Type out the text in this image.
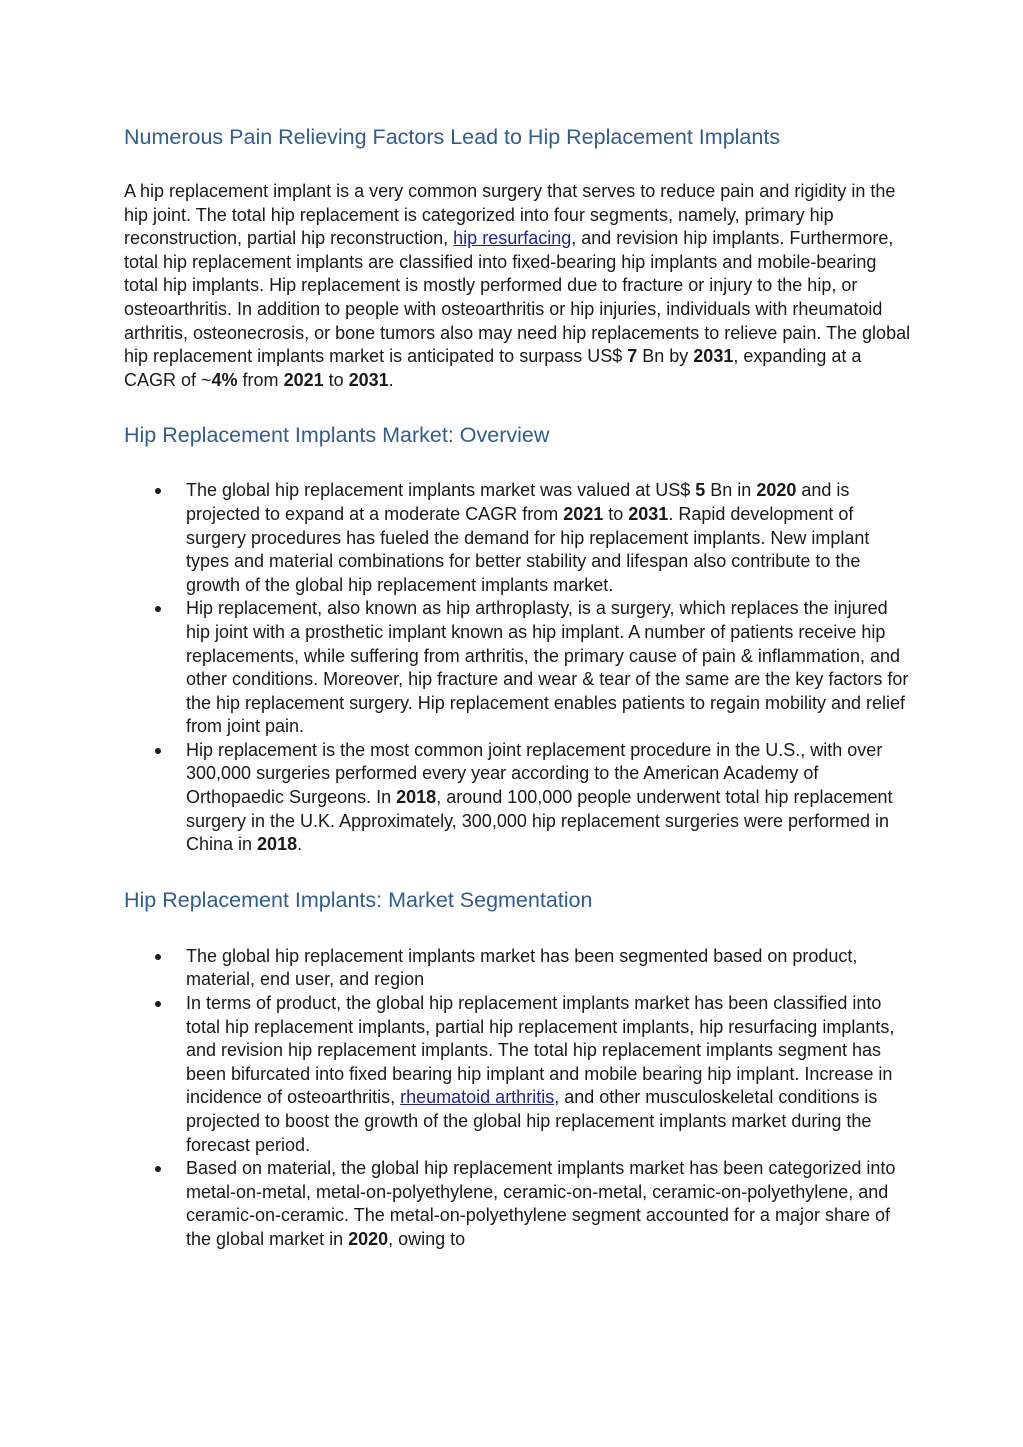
Numerous Pain Relieving Factors Lead to Hip Replacement Implants

A hip replacement implant is a very common surgery that serves to reduce pain and rigidity in the hip joint. The total hip replacement is categorized into four segments, namely, primary hip reconstruction, partial hip reconstruction, hip resurfacing, and revision hip implants. Furthermore, total hip replacement implants are classified into fixed-bearing hip implants and mobile-bearing total hip implants. Hip replacement is mostly performed due to fracture or injury to the hip, or osteoarthritis. In addition to people with osteoarthritis or hip injuries, individuals with rheumatoid arthritis, osteonecrosis, or bone tumors also may need hip replacements to relieve pain. The global hip replacement implants market is anticipated to surpass US$ 7 Bn by 2031, expanding at a CAGR of ~4% from 2021 to 2031.

Hip Replacement Implants Market: Overview
The global hip replacement implants market was valued at US$ 5 Bn in 2020 and is projected to expand at a moderate CAGR from 2021 to 2031. Rapid development of surgery procedures has fueled the demand for hip replacement implants. New implant types and material combinations for better stability and lifespan also contribute to the growth of the global hip replacement implants market.
Hip replacement, also known as hip arthroplasty, is a surgery, which replaces the injured hip joint with a prosthetic implant known as hip implant. A number of patients receive hip replacements, while suffering from arthritis, the primary cause of pain & inflammation, and other conditions. Moreover, hip fracture and wear & tear of the same are the key factors for the hip replacement surgery. Hip replacement enables patients to regain mobility and relief from joint pain.
Hip replacement is the most common joint replacement procedure in the U.S., with over 300,000 surgeries performed every year according to the American Academy of Orthopaedic Surgeons. In 2018, around 100,000 people underwent total hip replacement surgery in the U.K. Approximately, 300,000 hip replacement surgeries were performed in China in 2018.
Hip Replacement Implants: Market Segmentation
The global hip replacement implants market has been segmented based on product, material, end user, and region
In terms of product, the global hip replacement implants market has been classified into total hip replacement implants, partial hip replacement implants, hip resurfacing implants, and revision hip replacement implants. The total hip replacement implants segment has been bifurcated into fixed bearing hip implant and mobile bearing hip implant. Increase in incidence of osteoarthritis, rheumatoid arthritis, and other musculoskeletal conditions is projected to boost the growth of the global hip replacement implants market during the forecast period.
Based on material, the global hip replacement implants market has been categorized into metal-on-metal, metal-on-polyethylene, ceramic-on-metal, ceramic-on-polyethylene, and ceramic-on-ceramic. The metal-on-polyethylene segment accounted for a major share of the global market in 2020, owing to
